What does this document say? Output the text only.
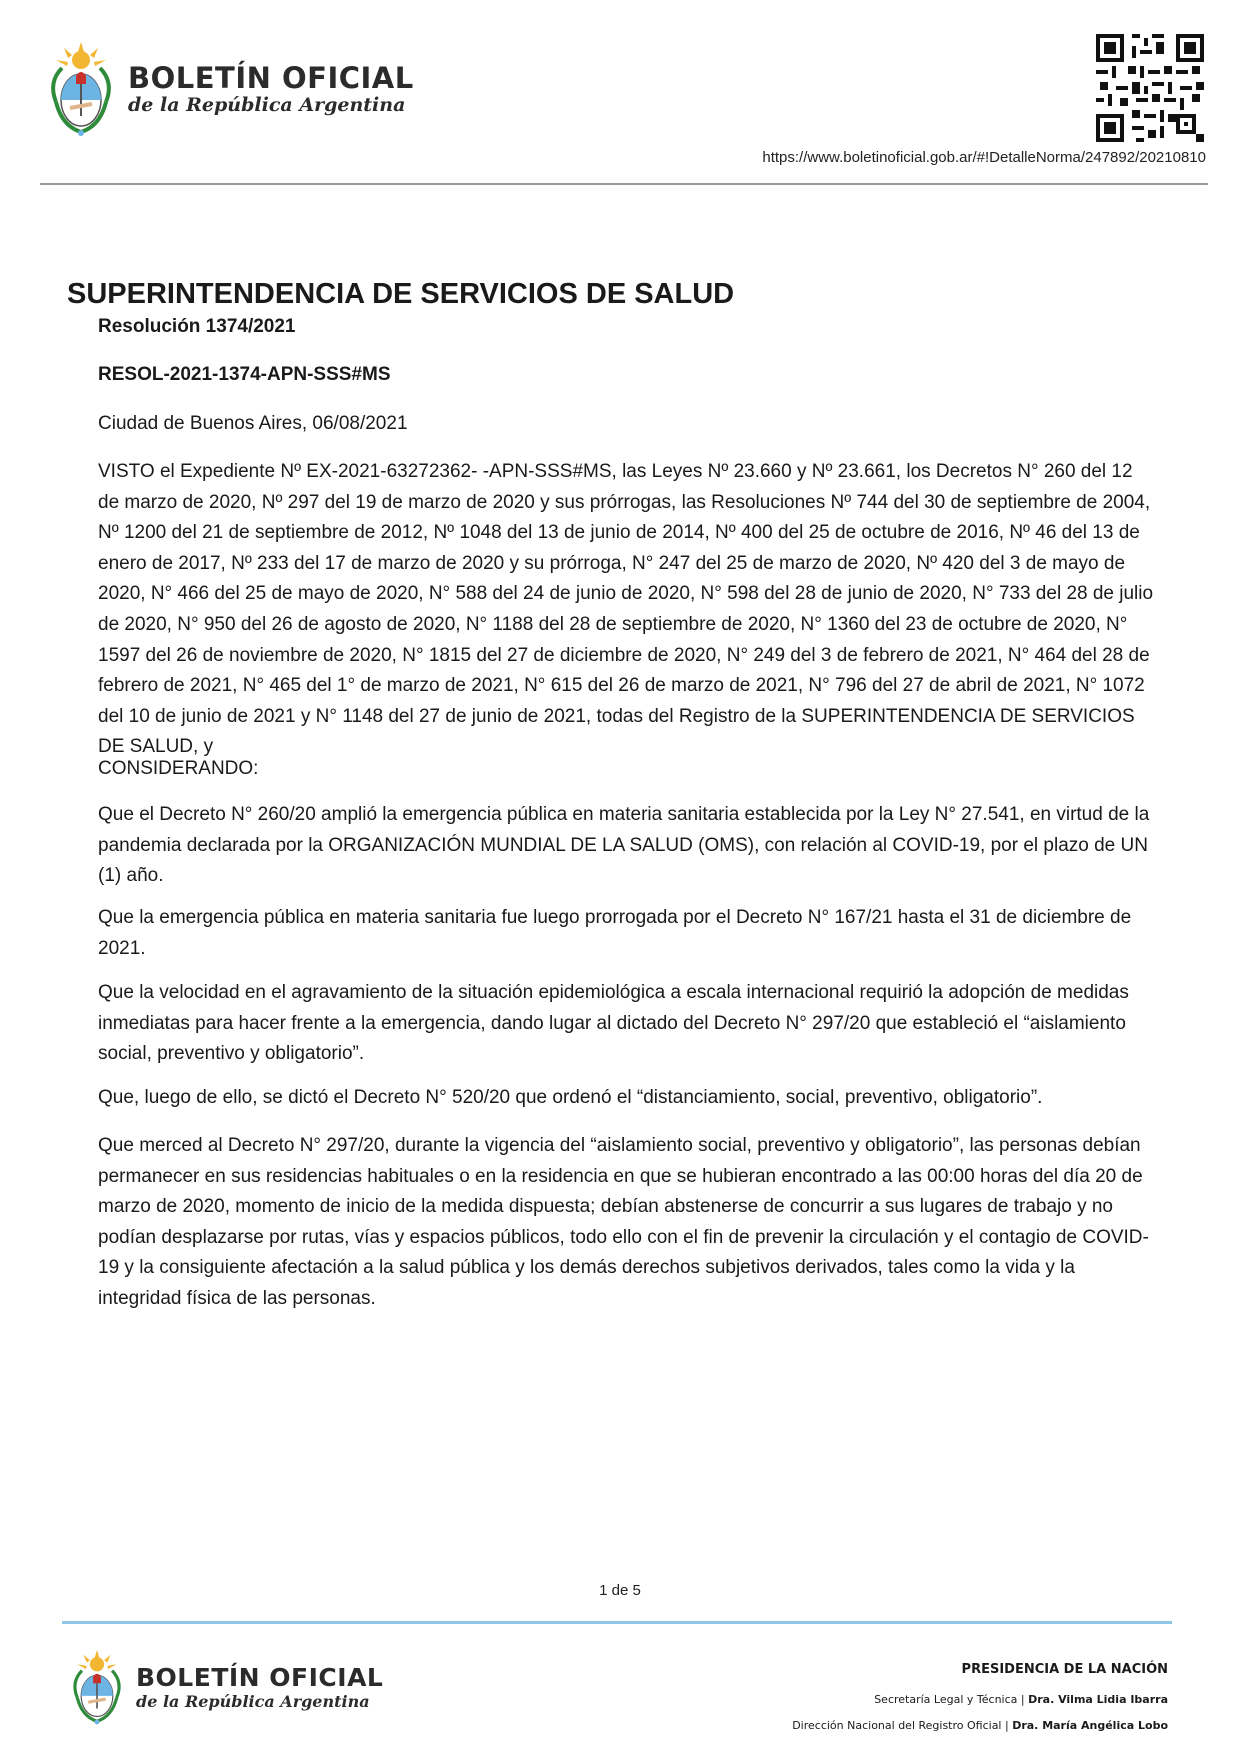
BOLETÍN OFICIAL
de la República Argentina
https://www.boletinoficial.gob.ar/#!DetalleNorma/247892/20210810
SUPERINTENDENCIA DE SERVICIOS DE SALUD

Resolución 1374/2021

RESOL-2021-1374-APN-SSS#MS

Ciudad de Buenos Aires, 06/08/2021

VISTO el Expediente Nº EX-2021-63272362- -APN-SSS#MS, las Leyes Nº 23.660 y Nº 23.661, los Decretos N° 260 del 12 de marzo de 2020, Nº 297 del 19 de marzo de 2020 y sus prórrogas, las Resoluciones Nº 744 del 30 de septiembre de 2004, Nº 1200 del 21 de septiembre de 2012, Nº 1048 del 13 de junio de 2014, Nº 400 del 25 de octubre de 2016, Nº 46 del 13 de enero de 2017, Nº 233 del 17 de marzo de 2020 y su prórroga, N° 247 del 25 de marzo de 2020, Nº 420 del 3 de mayo de 2020, N° 466 del 25 de mayo de 2020, N° 588 del 24 de junio de 2020, N° 598 del 28 de junio de 2020, N° 733 del 28 de julio de 2020, N° 950 del 26 de agosto de 2020, N° 1188 del 28 de septiembre de 2020, N° 1360 del 23 de octubre de 2020, N° 1597 del 26 de noviembre de 2020, N° 1815 del 27 de diciembre de 2020, N° 249 del 3 de febrero de 2021, N° 464 del 28 de febrero de 2021, N° 465 del 1° de marzo de 2021, N° 615 del 26 de marzo de 2021, N° 796 del 27 de abril de 2021, N° 1072 del 10 de junio de 2021 y N° 1148 del 27 de junio de 2021, todas del Registro de la SUPERINTENDENCIA DE SERVICIOS DE SALUD, y

CONSIDERANDO:

Que el Decreto N° 260/20 amplió la emergencia pública en materia sanitaria establecida por la Ley N° 27.541, en virtud de la pandemia declarada por la ORGANIZACIÓN MUNDIAL DE LA SALUD (OMS), con relación al COVID-19, por el plazo de UN (1) año.

Que la emergencia pública en materia sanitaria fue luego prorrogada por el Decreto N° 167/21 hasta el 31 de diciembre de 2021.

Que la velocidad en el agravamiento de la situación epidemiológica a escala internacional requirió la adopción de medidas inmediatas para hacer frente a la emergencia, dando lugar al dictado del Decreto N° 297/20 que estableció el “aislamiento social, preventivo y obligatorio”.

Que, luego de ello, se dictó el Decreto N° 520/20 que ordenó el “distanciamiento, social, preventivo, obligatorio”.

Que merced al Decreto N° 297/20, durante la vigencia del “aislamiento social, preventivo y obligatorio”, las personas debían permanecer en sus residencias habituales o en la residencia en que se hubieran encontrado a las 00:00 horas del día 20 de marzo de 2020, momento de inicio de la medida dispuesta; debían abstenerse de concurrir a sus lugares de trabajo y no podían desplazarse por rutas, vías y espacios públicos, todo ello con el fin de prevenir la circulación y el contagio de COVID-19 y la consiguiente afectación a la salud pública y los demás derechos subjetivos derivados, tales como la vida y la integridad física de las personas.

1 de 5
BOLETÍN OFICIAL
de la República Argentina
PRESIDENCIA DE LA NACIÓN
Secretaría Legal y Técnica | Dra. Vilma Lidia Ibarra
Dirección Nacional del Registro Oficial | Dra. María Angélica Lobo
